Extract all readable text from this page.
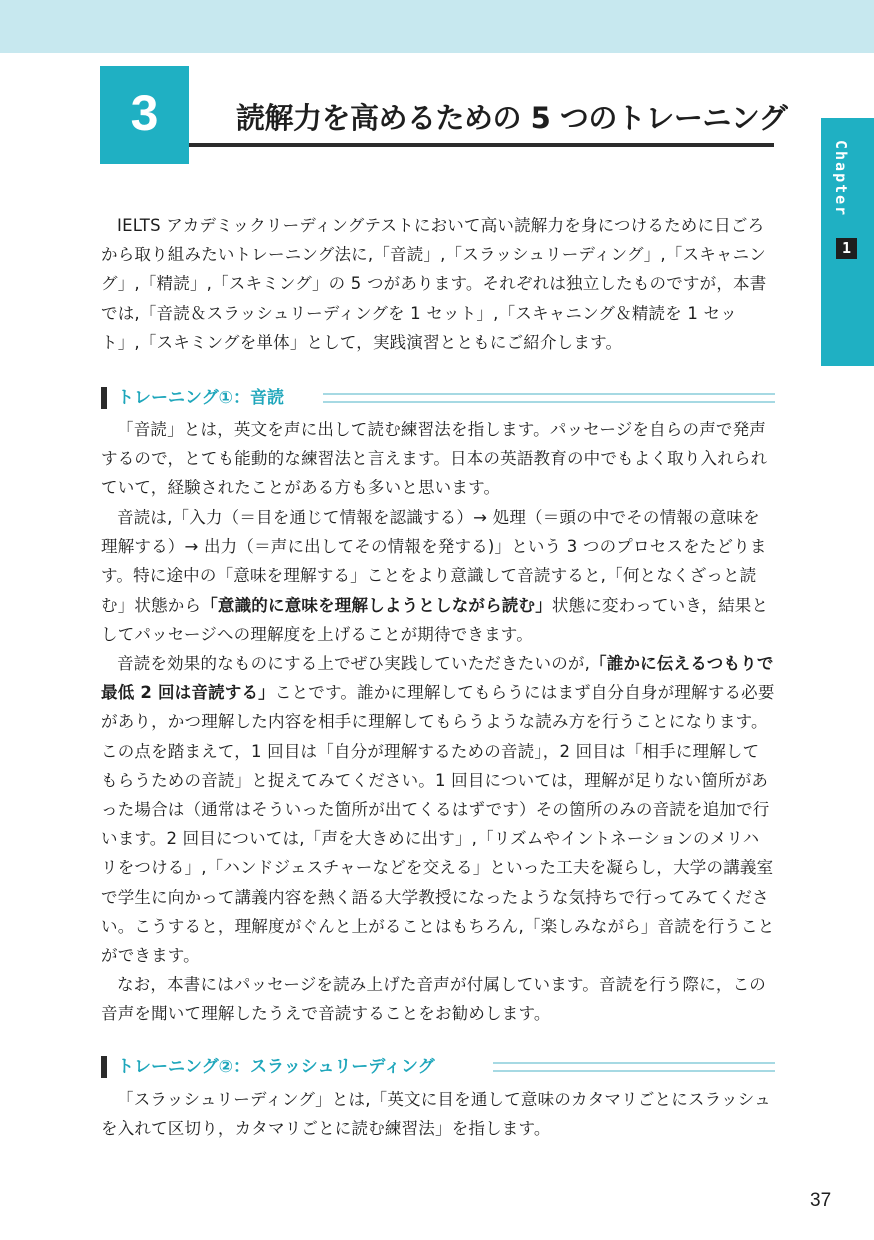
Chapter
1
3	読解力を高めるための 5 つのトレーニング

IELTS アカデミックリーディングテストにおいて高い読解力を身につけるために日ごろから取り組みたいトレーニング法に,「音読」,「スラッシュリーディング」,「スキャニング」,「精読」,「スキミング」の 5 つがあります。それぞれは独立したものですが，本書では,「音読＆スラッシュリーディングを 1 セット」,「スキャニング＆精読を 1 セット」,「スキミングを単体」として，実践演習とともにご紹介します。

トレーニング①：音読

「音読」とは，英文を声に出して読む練習法を指します。パッセージを自らの声で発声するので，とても能動的な練習法と言えます。日本の英語教育の中でもよく取り入れられていて，経験されたことがある方も多いと思います。

音読は,「入力（＝目を通じて情報を認識する）→ 処理（＝頭の中でその情報の意味を理解する）→ 出力（＝声に出してその情報を発する)」という 3 つのプロセスをたどります。特に途中の「意味を理解する」ことをより意識して音読すると,「何となくざっと読む」状態から「意識的に意味を理解しようとしながら読む」状態に変わっていき，結果としてパッセージへの理解度を上げることが期待できます。

音読を効果的なものにする上でぜひ実践していただきたいのが,「誰かに伝えるつもりで最低 2 回は音読する」ことです。誰かに理解してもらうにはまず自分自身が理解する必要があり，かつ理解した内容を相手に理解してもらうような読み方を行うことになります。この点を踏まえて，1 回目は「自分が理解するための音読」，2 回目は「相手に理解してもらうための音読」と捉えてみてください。1 回目については，理解が足りない箇所があった場合は（通常はそういった箇所が出てくるはずです）その箇所のみの音読を追加で行います。2 回目については,「声を大きめに出す」,「リズムやイントネーションのメリハリをつける」,「ハンドジェスチャーなどを交える」といった工夫を凝らし，大学の講義室で学生に向かって講義内容を熱く語る大学教授になったような気持ちで行ってみてください。こうすると，理解度がぐんと上がることはもちろん,「楽しみながら」音読を行うことができます。

なお，本書にはパッセージを読み上げた音声が付属しています。音読を行う際に，この音声を聞いて理解したうえで音読することをお勧めします。

トレーニング②：スラッシュリーディング

「スラッシュリーディング」とは,「英文に目を通して意味のカタマリごとにスラッシュを入れて区切り，カタマリごとに読む練習法」を指します。

37
